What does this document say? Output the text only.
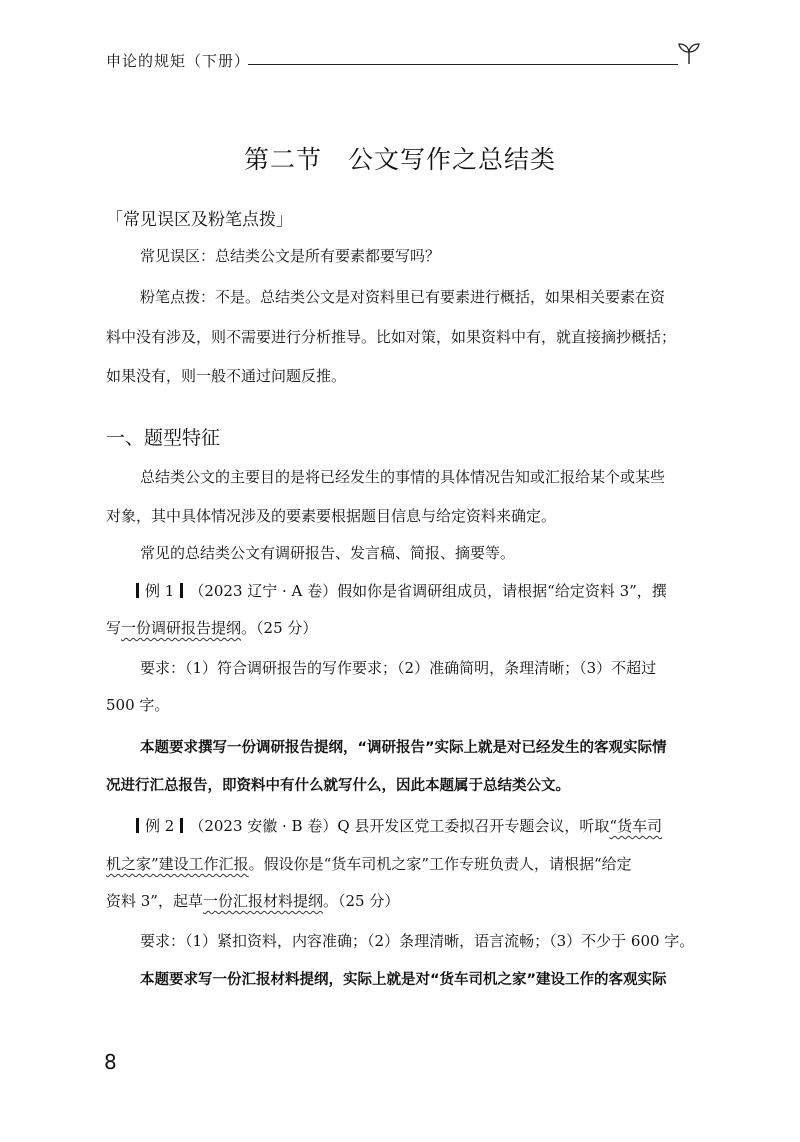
申论的规矩（下册）
第二节　公文写作之总结类
「常见误区及粉笔点拨」
常见误区：总结类公文是所有要素都要写吗？
粉笔点拨：不是。总结类公文是对资料里已有要素进行概括，如果相关要素在资
料中没有涉及，则不需要进行分析推导。比如对策，如果资料中有，就直接摘抄概括；
如果没有，则一般不通过问题反推。
一、题型特征
总结类公文的主要目的是将已经发生的事情的具体情况告知或汇报给某个或某些
对象，其中具体情况涉及的要素要根据题目信息与给定资料来确定。
常见的总结类公文有调研报告、发言稿、简报、摘要等。
例 1 （2023 辽宁 · A 卷）假如你是省调研组成员，请根据“给定资料 3”，撰
写一份调研报告提纲。（25 分）
要求：（1）符合调研报告的写作要求；（2）准确简明，条理清晰；（3）不超过
500 字。
本题要求撰写一份调研报告提纲，“调研报告”实际上就是对已经发生的客观实际情
况进行汇总报告，即资料中有什么就写什么，因此本题属于总结类公文。
例 2 （2023 安徽 · B 卷）Q 县开发区党工委拟召开专题会议，听取“货车司
机之家”建设工作汇报。假设你是“货车司机之家”工作专班负责人，请根据“给定
资料 3”，起草一份汇报材料提纲。（25 分）
要求：（1）紧扣资料，内容准确；（2）条理清晰，语言流畅；（3）不少于 600 字。
本题要求写一份汇报材料提纲，实际上就是对“货车司机之家”建设工作的客观实际
8
